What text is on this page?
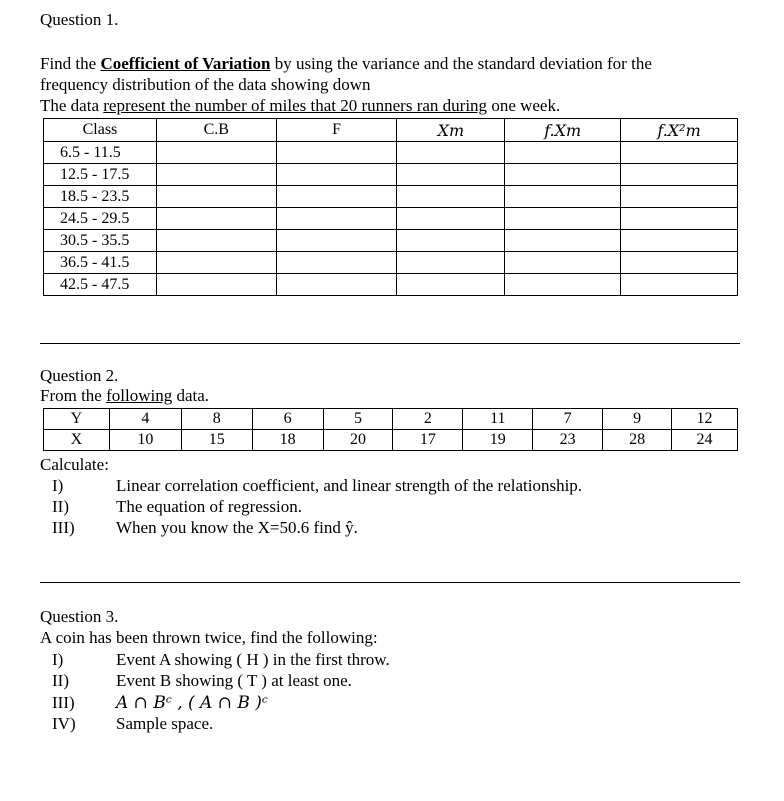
Question 1.
Find the Coefficient of Variation by using the variance and the standard deviation for the
frequency distribution of the data showing down
The data represent the number of miles that 20 runners ran during one week.
Class	C.B	F	Xm	f.Xm	f.X²m
6.5 - 11.5					
12.5 - 17.5					
18.5 - 23.5					
24.5 - 29.5					
30.5 - 35.5					
36.5 - 41.5					
42.5 - 47.5					
Question 2.
From the following data.
Y	4	8	6	5	2	11	7	9	12
X	10	15	18	20	17	19	23	28	24
Calculate:
I)	Linear correlation coefficient, and linear strength of the relationship.
II)	The equation of regression.
III) When you know the X=50.6 find ŷ.
Question 3.
A coin has been thrown twice, find the following:
I)	Event A showing ( H ) in the first throw.
II)	Event B showing ( T ) at least one.
III) A ∩ Bᶜ , ( A ∩ B )ᶜ
IV) Sample space.
